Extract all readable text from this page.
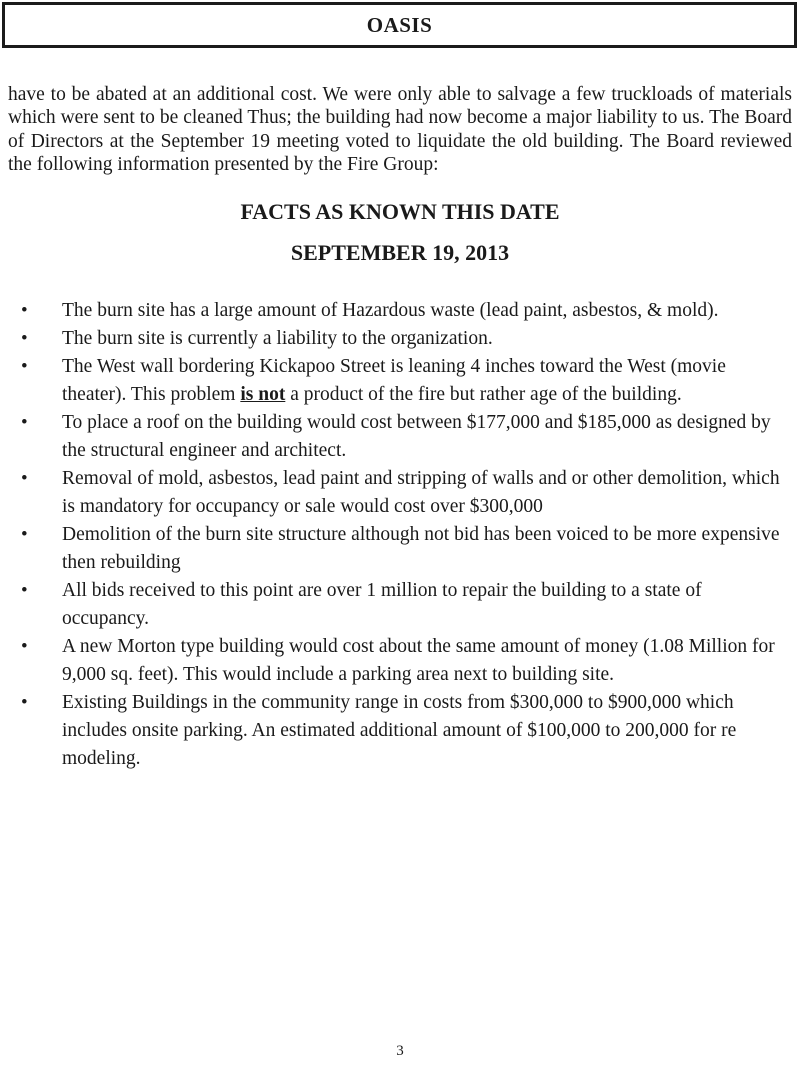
OASIS

have to be abated at an additional cost. We were only able to salvage a few truckloads of materials which were sent to be cleaned Thus; the building had now become a major liability to us. The Board of Directors at the September 19 meeting voted to liquidate the old building. The Board reviewed the following information presented by the Fire Group:

FACTS AS KNOWN THIS DATE
SEPTEMBER 19, 2013
• The burn site has a large amount of Hazardous waste (lead paint, asbestos, & mold).
• The burn site is currently a liability to the organization.
• The West wall bordering Kickapoo Street is leaning 4 inches toward the West (movie theater). This problem is not a product of the fire but rather age of the building.
• To place a roof on the building would cost between $177,000 and $185,000 as designed by the structural engineer and architect.
• Removal of mold, asbestos, lead paint and stripping of walls and or other demolition, which is mandatory for occupancy or sale would cost over $300,000
• Demolition of the burn site structure although not bid has been voiced to be more expensive then rebuilding
• All bids received to this point are over 1 million to repair the building to a state of occupancy.
• A new Morton type building would cost about the same amount of money (1.08 Million for 9,000 sq. feet). This would include a parking area next to building site.
• Existing Buildings in the community range in costs from $300,000 to $900,000 which includes onsite parking. An estimated additional amount of $100,000 to 200,000 for re modeling.
3
